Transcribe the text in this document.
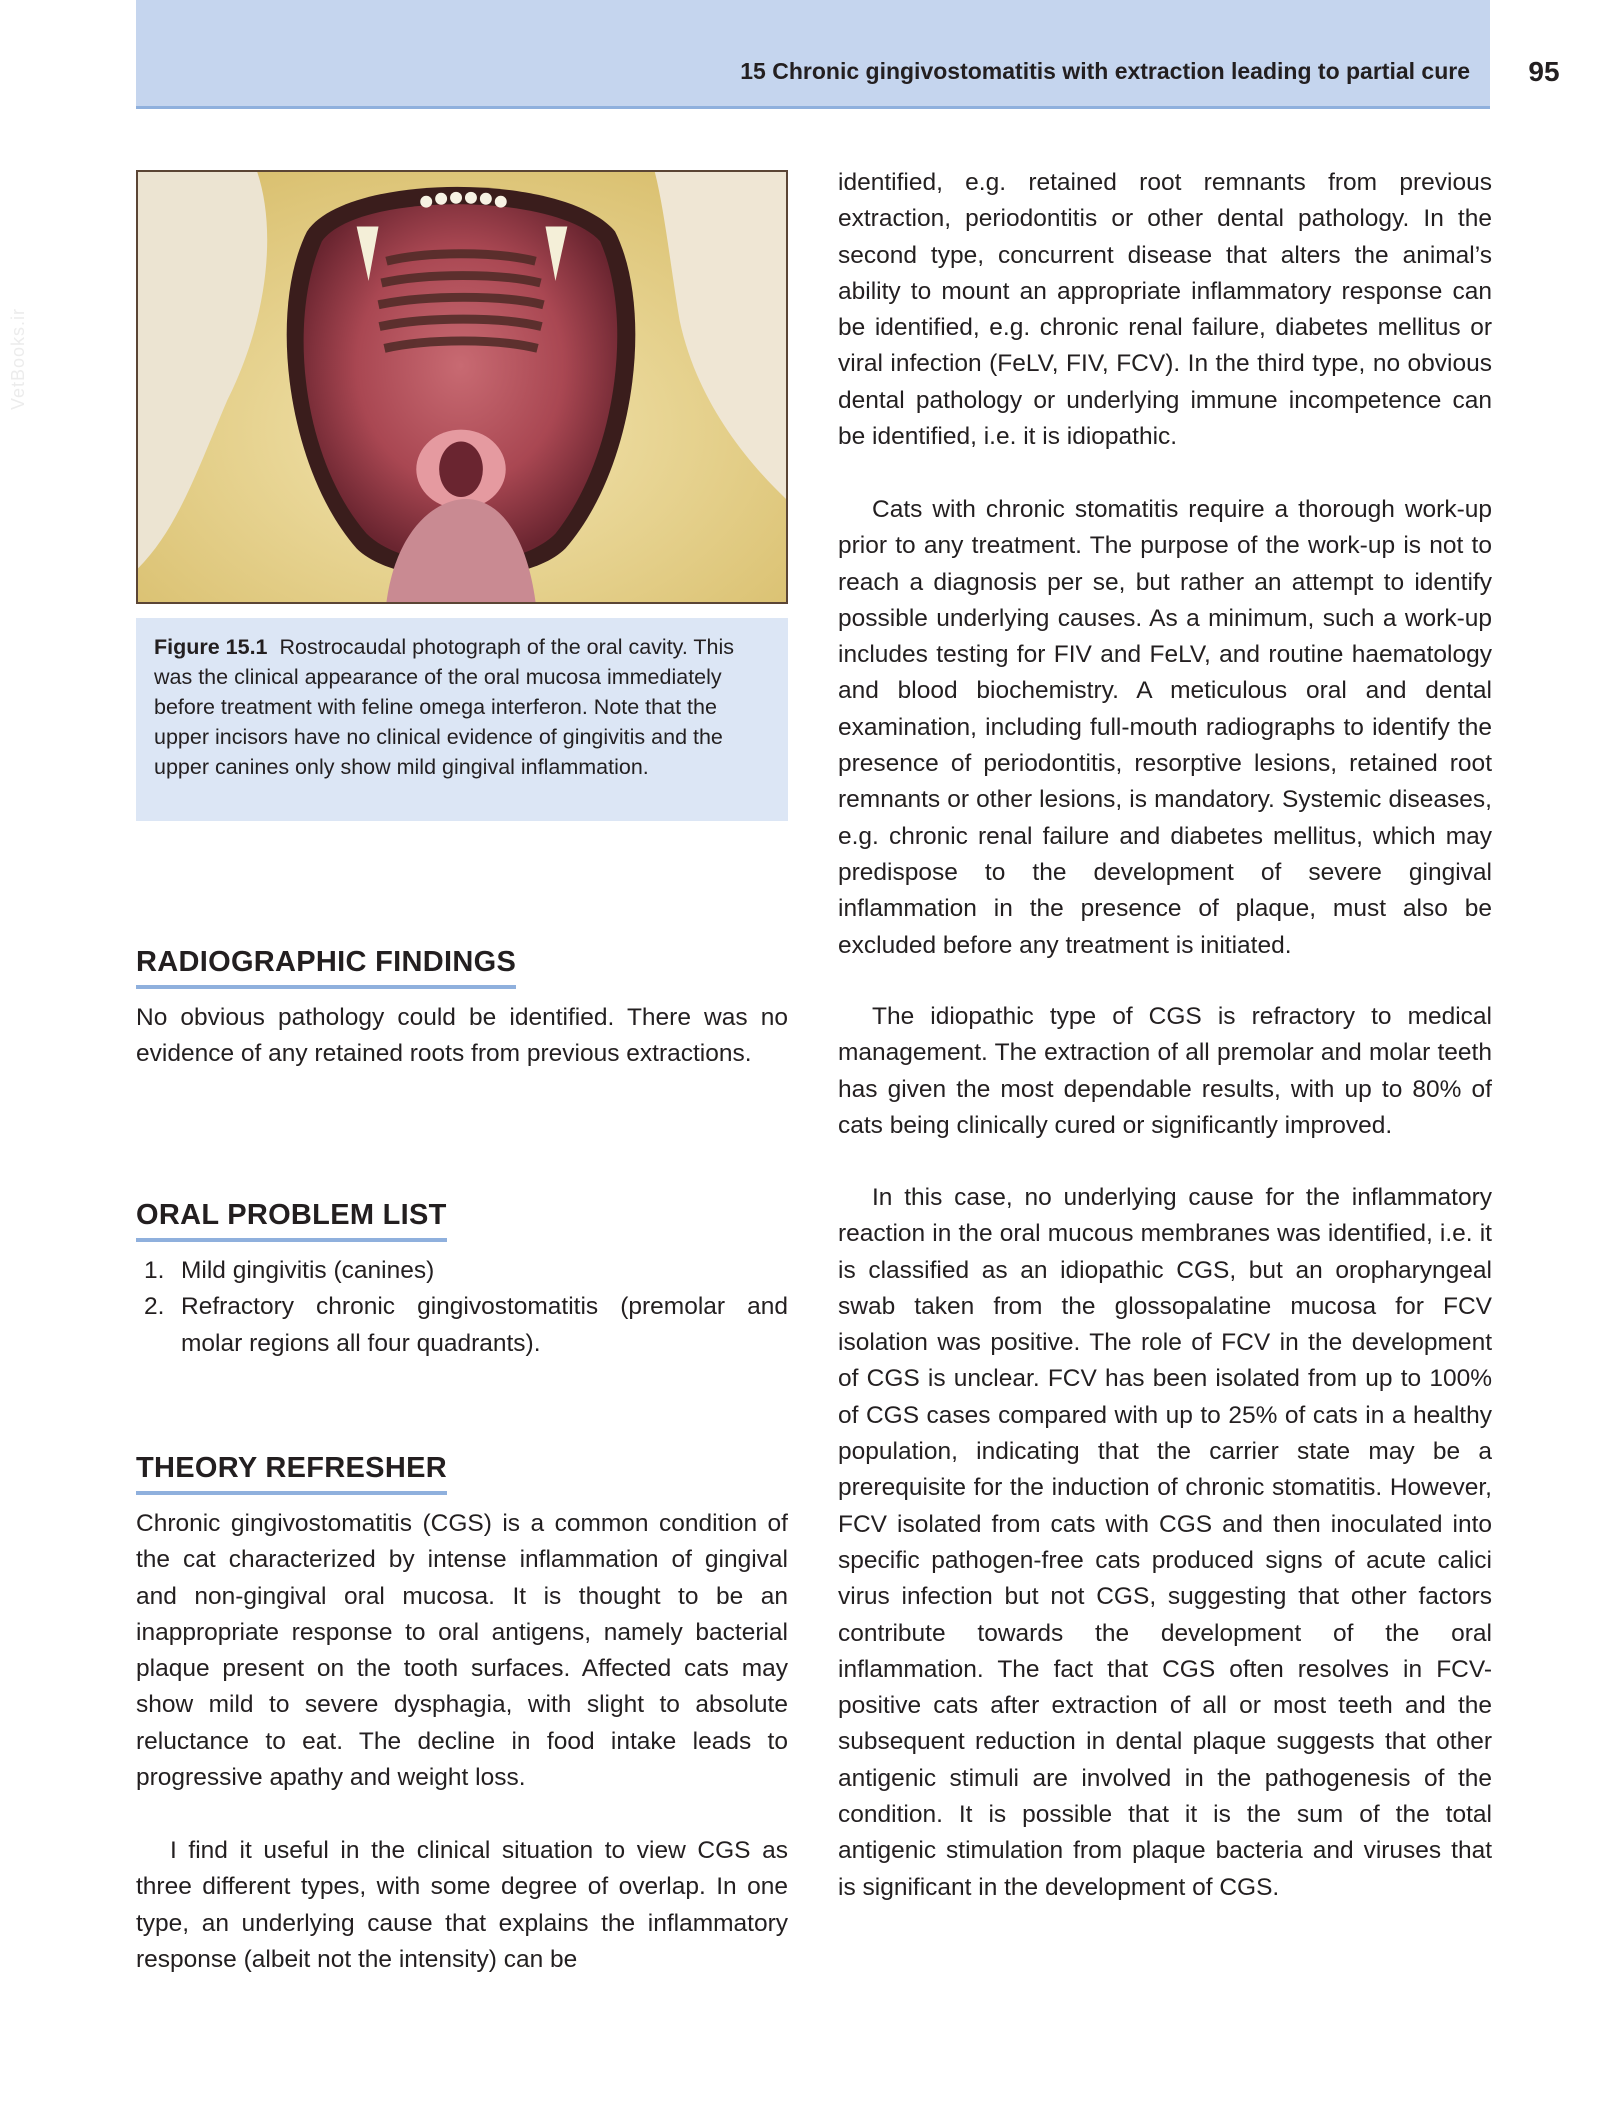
15 Chronic gingivostomatitis with extraction leading to partial cure	95
VetBooks.ir
Figure 15.1 Rostrocaudal photograph of the oral cavity. This was the clinical appearance of the oral mucosa immediately before treatment with feline omega interferon. Note that the upper incisors have no clinical evidence of gingivitis and the upper canines only show mild gingival inflammation.
RADIOGRAPHIC FINDINGS

No obvious pathology could be identified. There was no evidence of any retained roots from previous extractions.

ORAL PROBLEM LIST
1. Mild gingivitis (canines)
2. Refractory chronic gingivostomatitis (premolar and molar regions all four quadrants).
THEORY REFRESHER

Chronic gingivostomatitis (CGS) is a common condition of the cat characterized by intense inflammation of gingival and non-gingival oral mucosa. It is thought to be an inappropriate response to oral antigens, namely bacterial plaque present on the tooth surfaces. Affected cats may show mild to severe dysphagia, with slight to absolute reluctance to eat. The decline in food intake leads to progressive apathy and weight loss.

I find it useful in the clinical situation to view CGS as three different types, with some degree of overlap. In one type, an underlying cause that explains the inflammatory response (albeit not the intensity) can be

identified, e.g. retained root remnants from previous extraction, periodontitis or other dental pathology. In the second type, concurrent disease that alters the animal’s ability to mount an appropriate inflammatory response can be identified, e.g. chronic renal failure, diabetes mellitus or viral infection (FeLV, FIV, FCV). In the third type, no obvious dental pathology or underlying immune incompetence can be identified, i.e. it is idiopathic.

Cats with chronic stomatitis require a thorough work-up prior to any treatment. The purpose of the work-up is not to reach a diagnosis per se, but rather an attempt to identify possible underlying causes. As a minimum, such a work-up includes testing for FIV and FeLV, and routine haematology and blood biochemistry. A meticulous oral and dental examination, including full-mouth radiographs to identify the presence of periodontitis, resorptive lesions, retained root remnants or other lesions, is mandatory. Systemic diseases, e.g. chronic renal failure and diabetes mellitus, which may predispose to the development of severe gingival inflammation in the presence of plaque, must also be excluded before any treatment is initiated.

The idiopathic type of CGS is refractory to medical management. The extraction of all premolar and molar teeth has given the most dependable results, with up to 80% of cats being clinically cured or significantly improved.

In this case, no underlying cause for the inflammatory reaction in the oral mucous membranes was identified, i.e. it is classified as an idiopathic CGS, but an oropharyngeal swab taken from the glossopalatine mucosa for FCV isolation was positive. The role of FCV in the development of CGS is unclear. FCV has been isolated from up to 100% of CGS cases compared with up to 25% of cats in a healthy population, indicating that the carrier state may be a prerequisite for the induction of chronic stomatitis. However, FCV isolated from cats with CGS and then inoculated into specific pathogen-free cats produced signs of acute calici virus infection but not CGS, suggesting that other factors contribute towards the development of the oral inflammation. The fact that CGS often resolves in FCV-positive cats after extraction of all or most teeth and the subsequent reduction in dental plaque suggests that other antigenic stimuli are involved in the pathogenesis of the condition. It is possible that it is the sum of the total antigenic stimulation from plaque bacteria and viruses that is significant in the development of CGS.
